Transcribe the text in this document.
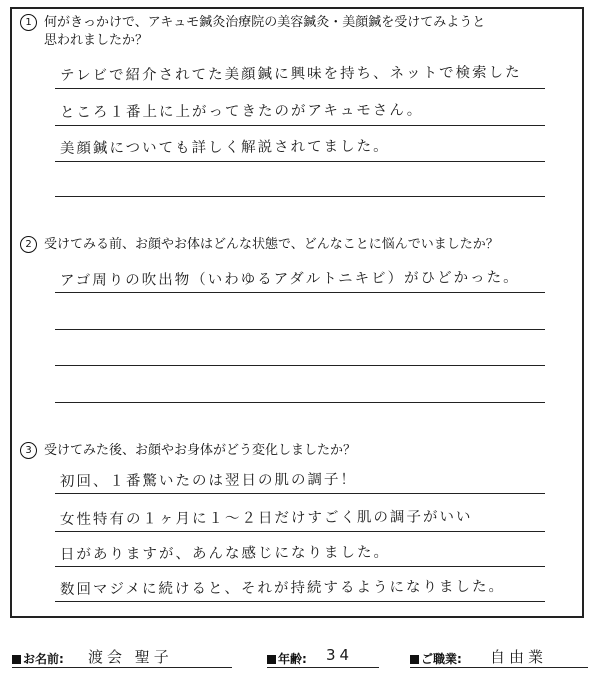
1 何がきっかけで、アキュモ鍼灸治療院の美容鍼灸・美顔鍼を受けてみようと
思われましたか？
テレビで紹介されてた美顔鍼に興味を持ち、ネットで検索した
ところ１番上に上がってきたのがアキュモさん。
美顔鍼についても詳しく解説されてました。
2 受けてみる前、お顔やお体はどんな状態で、どんなことに悩んでいましたか？
アゴ周りの吹出物（いわゆるアダルトニキビ）がひどかった。
3 受けてみた後、お顔やお身体がどう変化しましたか？
初回、１番驚いたのは翌日の肌の調子！
女性特有の１ヶ月に１〜２日だけすごく肌の調子がいい
日がありますが、あんな感じになりました。
数回マジメに続けると、それが持続するようになりました。
お名前: 渡会 聖子	年齢: 34	ご職業: 自由業
